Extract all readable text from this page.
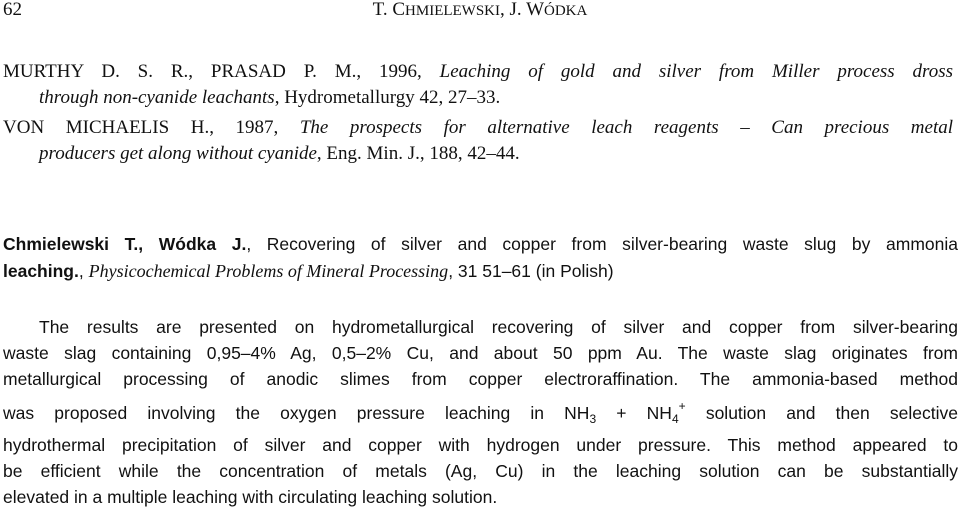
62	T. CHMIELEWSKI, J. WÓDKA
MURTHY D. S. R., PRASAD P. M., 1996, Leaching of gold and silver from Miller process dross
through non-cyanide leachants, Hydrometallurgy 42, 27–33.
VON MICHAELIS H., 1987, The prospects for alternative leach reagents – Can precious metal
producers get along without cyanide, Eng. Min. J., 188, 42–44.
Chmielewski T., Wódka J., Recovering of silver and copper from silver-bearing waste slug by ammonia
leaching., Physicochemical Problems of Mineral Processing, 31 51–61 (in Polish)
The results are presented on hydrometallurgical recovering of silver and copper from silver-bearing
waste slag containing 0,95–4% Ag, 0,5–2% Cu, and about 50 ppm Au. The waste slag originates from
metallurgical processing of anodic slimes from copper electroraffination. The ammonia-based method
was proposed involving the oxygen pressure leaching in $NH_3 + NH_4^+$ solution and then selective
hydrothermal precipitation of silver and copper with hydrogen under pressure. This method appeared to
be efficient while the concentration of metals (Ag, Cu) in the leaching solution can be substantially
elevated in a multiple leaching with circulating leaching solution.
